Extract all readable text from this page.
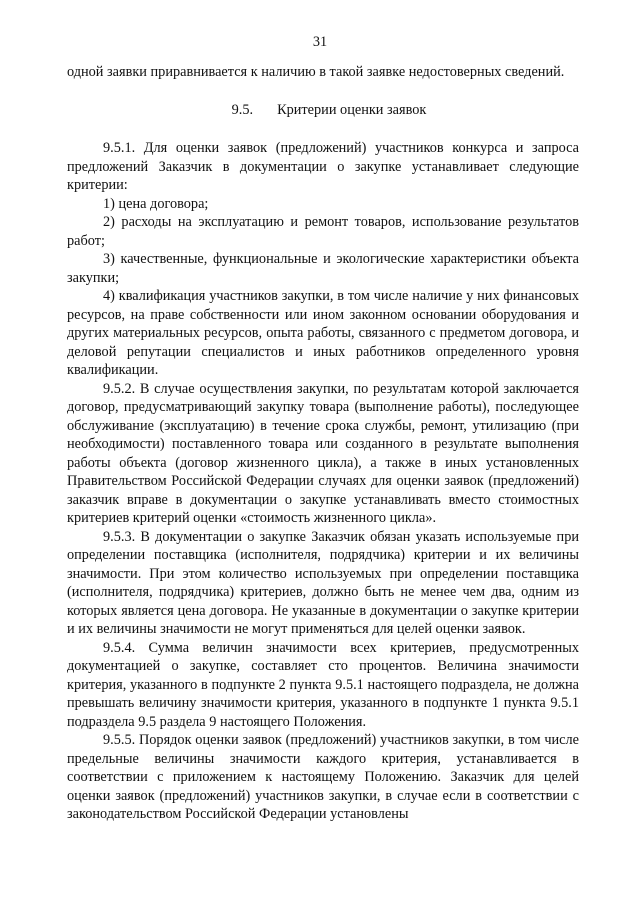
31

одной заявки приравнивается к наличию в такой заявке недостоверных сведений.

9.5. Критерии оценки заявок

9.5.1. Для оценки заявок (предложений) участников конкурса и запроса предложений Заказчик в документации о закупке устанавливает следующие критерии:

1) цена договора;

2) расходы на эксплуатацию и ремонт товаров, использование результатов работ;

3) качественные, функциональные и экологические характеристики объекта закупки;

4) квалификация участников закупки, в том числе наличие у них финансовых ресурсов, на праве собственности или ином законном основании оборудования и других материальных ресурсов, опыта работы, связанного с предметом договора, и деловой репутации специалистов и иных работников определенного уровня квалификации.

9.5.2. В случае осуществления закупки, по результатам которой заключается договор, предусматривающий закупку товара (выполнение работы), последующее обслуживание (эксплуатацию) в течение срока службы, ремонт, утилизацию (при необходимости) поставленного товара или созданного в результате выполнения работы объекта (договор жизненного цикла), а также в иных установленных Правительством Российской Федерации случаях для оценки заявок (предложений) заказчик вправе в документации о закупке устанавливать вместо стоимостных критериев критерий оценки «стоимость жизненного цикла».

9.5.3. В документации о закупке Заказчик обязан указать используемые при определении поставщика (исполнителя, подрядчика) критерии и их величины значимости. При этом количество используемых при определении поставщика (исполнителя, подрядчика) критериев, должно быть не менее чем два, одним из которых является цена договора. Не указанные в документации о закупке критерии и их величины значимости не могут применяться для целей оценки заявок.

9.5.4. Сумма величин значимости всех критериев, предусмотренных документацией о закупке, составляет сто процентов. Величина значимости критерия, указанного в подпункте 2 пункта 9.5.1 настоящего подраздела, не должна превышать величину значимости критерия, указанного в подпункте 1 пункта 9.5.1 подраздела 9.5 раздела 9 настоящего Положения.

9.5.5. Порядок оценки заявок (предложений) участников закупки, в том числе предельные величины значимости каждого критерия, устанавливается в соответствии с приложением к настоящему Положению. Заказчик для целей оценки заявок (предложений) участников закупки, в случае если в соответствии с законодательством Российской Федерации установлены
